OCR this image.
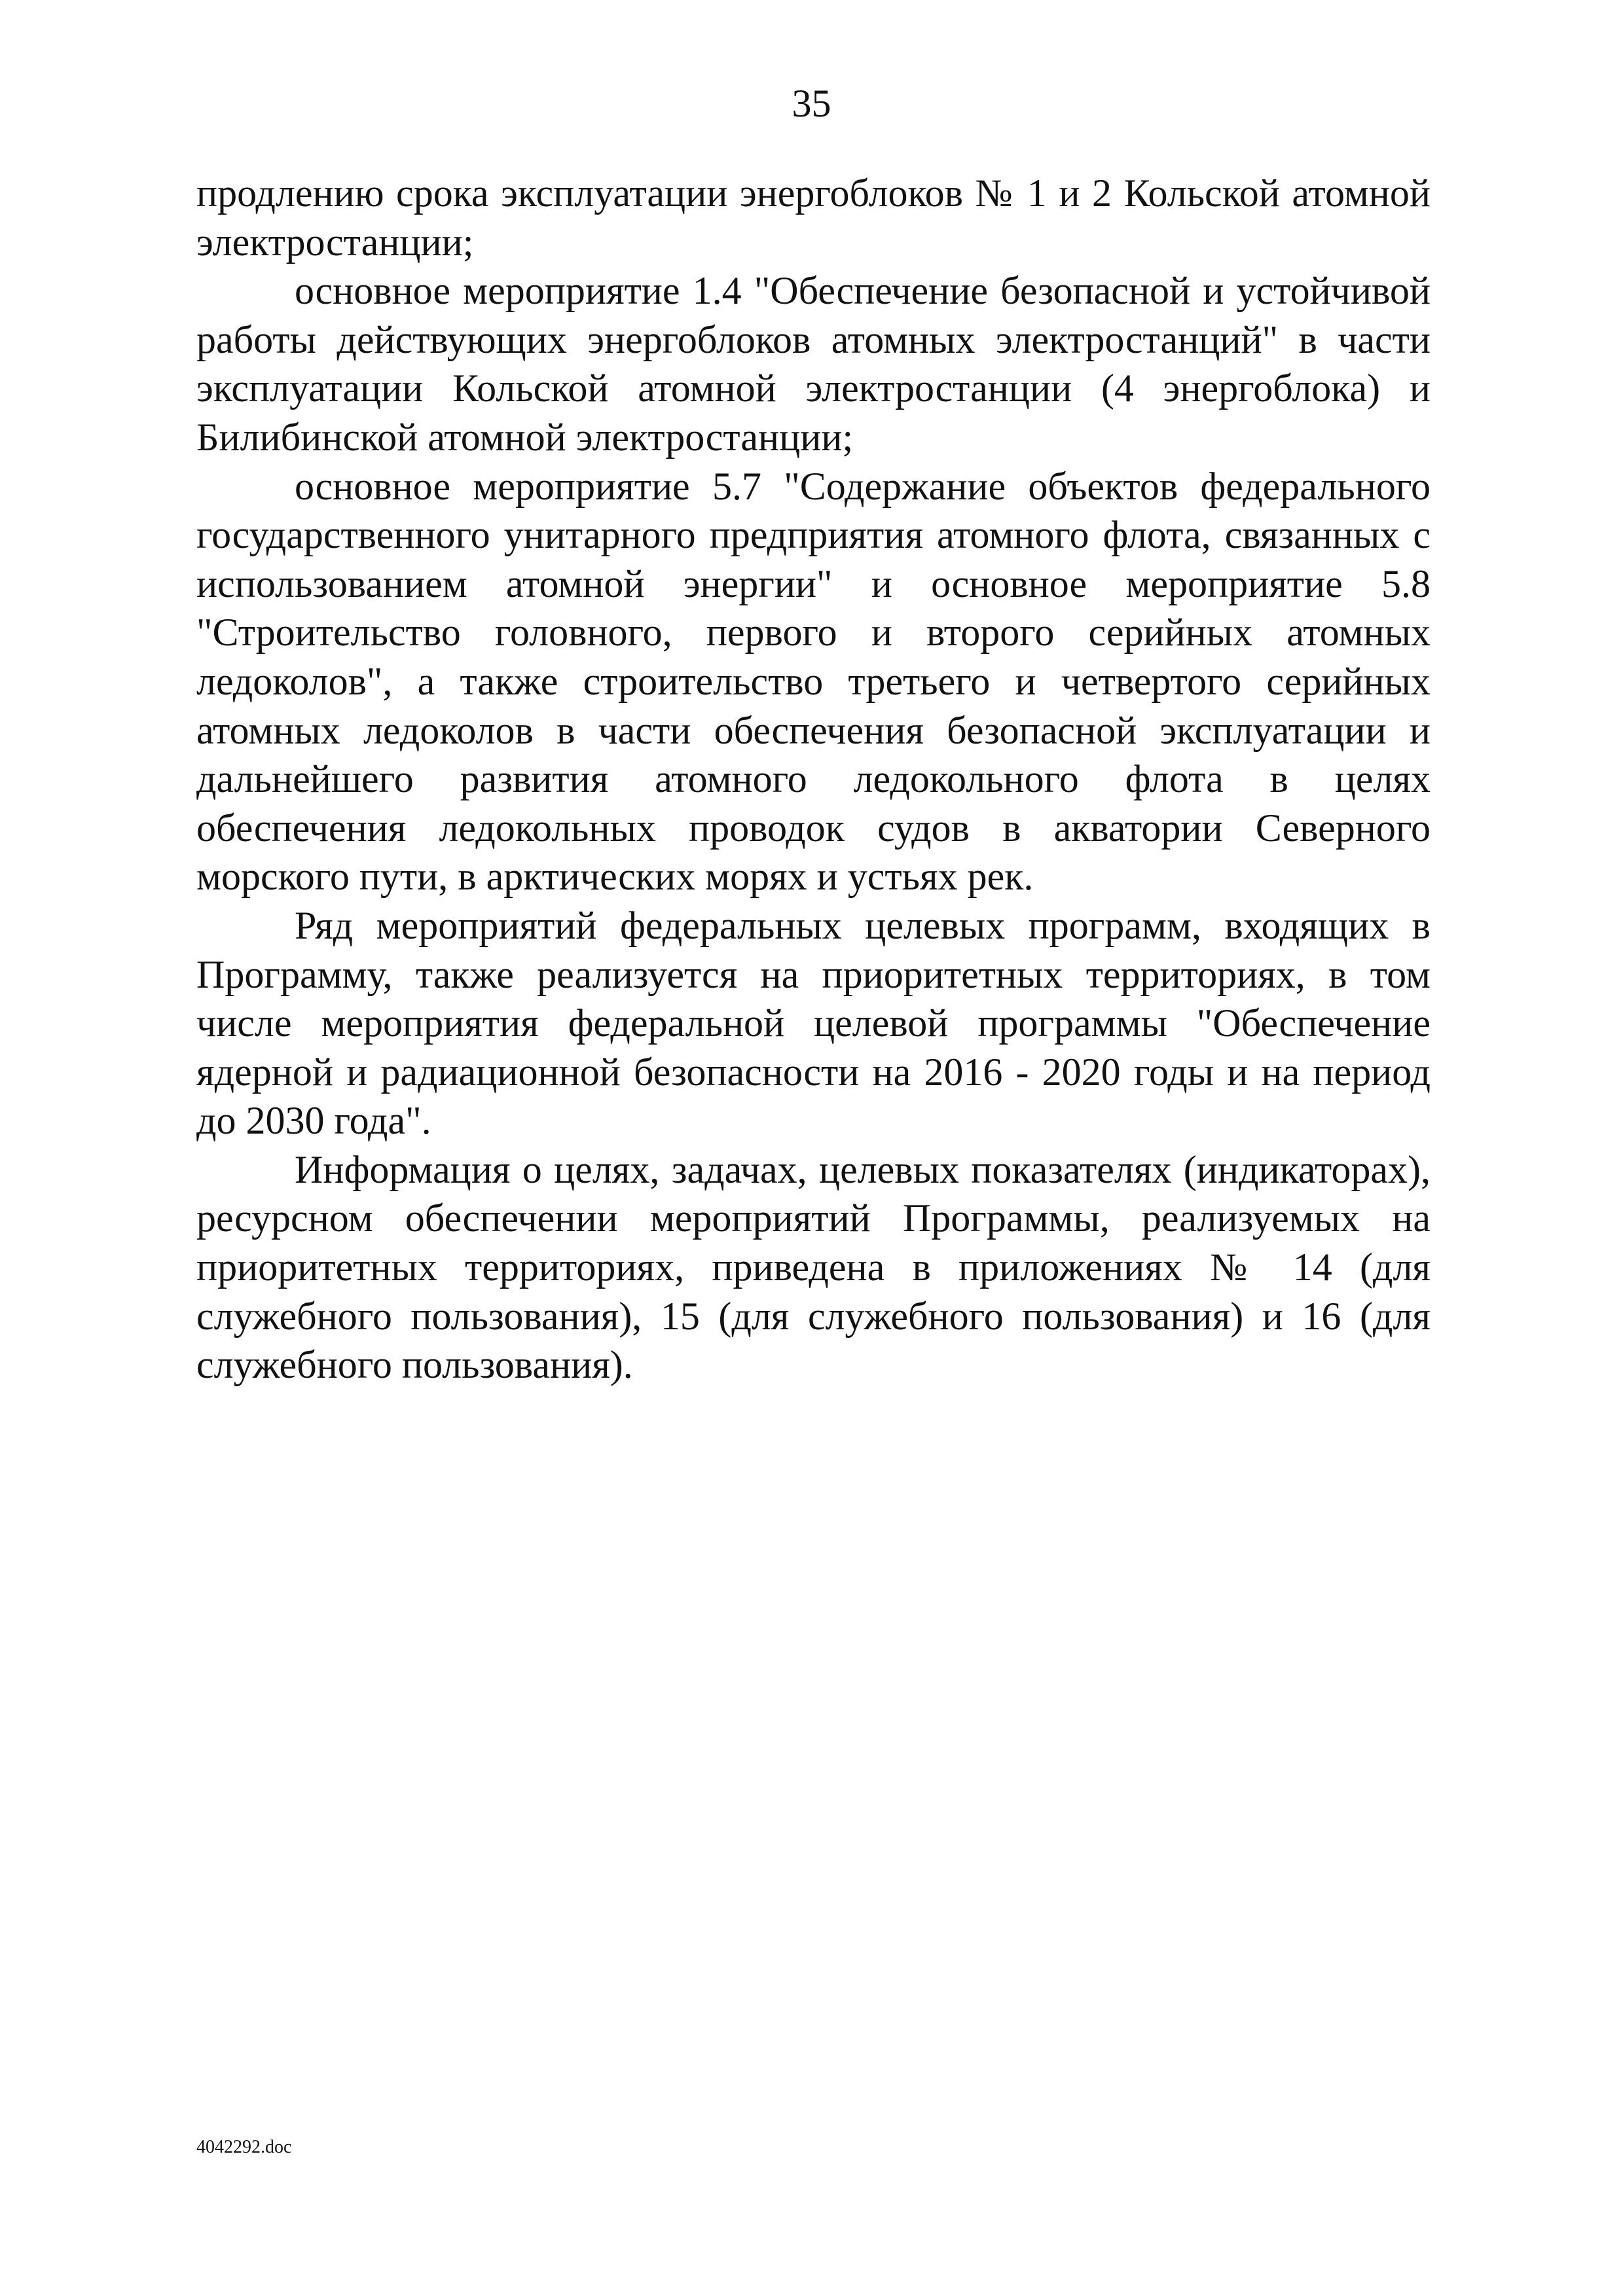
35

продлению срока эксплуатации энергоблоков № 1 и 2 Кольской атомной электростанции;

основное мероприятие 1.4 "Обеспечение безопасной и устойчивой работы действующих энергоблоков атомных электростанций" в части эксплуатации Кольской атомной электростанции (4 энергоблока) и Билибинской атомной электростанции;

основное мероприятие 5.7 "Содержание объектов федерального государственного унитарного предприятия атомного флота, связанных с использованием атомной энергии" и основное мероприятие 5.8 "Строительство головного, первого и второго серийных атомных ледоколов", а также строительство третьего и четвертого серийных атомных ледоколов в части обеспечения безопасной эксплуатации и дальнейшего развития атомного ледокольного флота в целях обеспечения ледокольных проводок судов в акватории Северного морского пути, в арктических морях и устьях рек.

Ряд мероприятий федеральных целевых программ, входящих в Программу, также реализуется на приоритетных территориях, в том числе мероприятия федеральной целевой программы "Обеспечение ядерной и радиационной безопасности на 2016 - 2020 годы и на период до 2030 года".

Информация о целях, задачах, целевых показателях (индикаторах), ресурсном обеспечении мероприятий Программы, реализуемых на приоритетных территориях, приведена в приложениях № 14 (для служебного пользования), 15 (для служебного пользования) и 16 (для служебного пользования).

4042292.doc
